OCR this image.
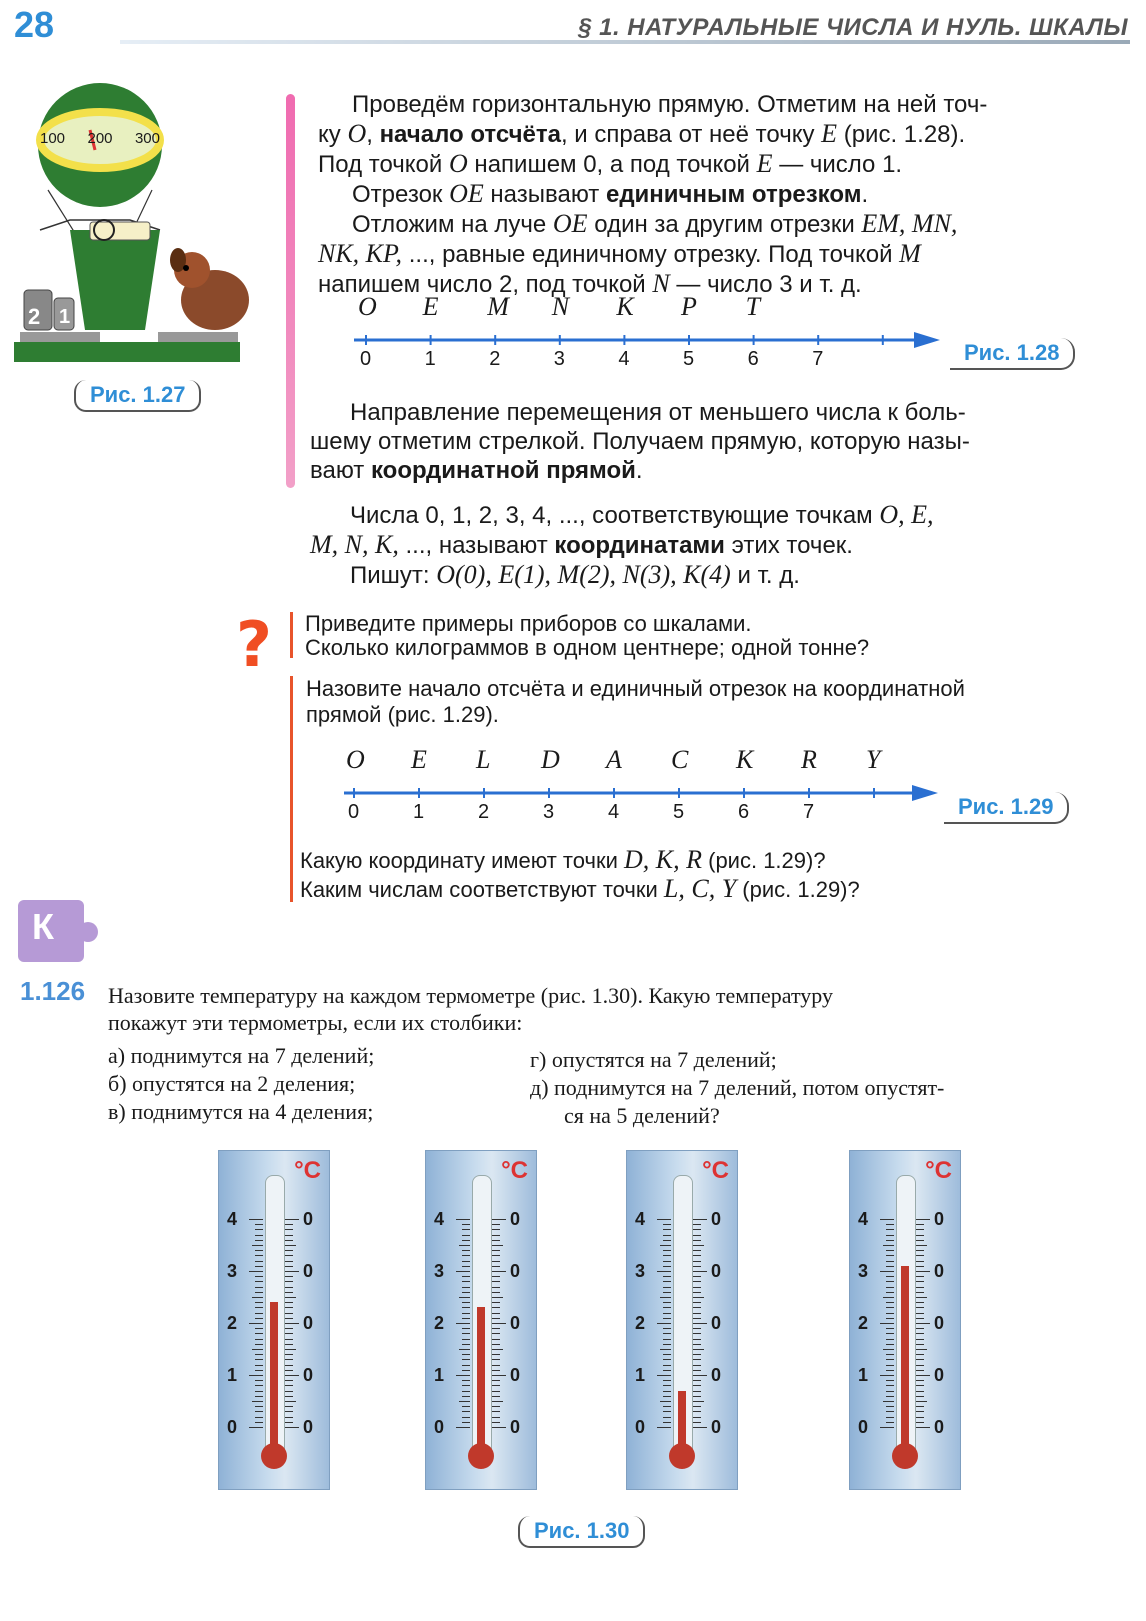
28	§ 1. НАТУРАЛЬНЫЕ ЧИСЛА И НУЛЬ. ШКАЛЫ
100 200 300
2 1
Рис. 1.27
Проведём горизонтальную прямую. Отметим на ней точ-
ку O, начало отсчёта, и справа от неё точку E (рис. 1.28).
Под точкой O напишем 0, а под точкой E — число 1.
Отрезок OE называют единичным отрезком.
Отложим на луче OE один за другим отрезки EM, MN,
NK, KP, ..., равные единичному отрезку. Под точкой M
напишем число 2, под точкой N — число 3 и т. д.
O E M N K P T
0	1	2	3	4	5	6	7	Рис. 1.28
Направление перемещения от меньшего числа к боль-
шему отметим стрелкой. Получаем прямую, которую назы-
вают координатной прямой.
Числа 0, 1, 2, 3, 4, ..., соответствующие точкам O, E,
M, N, K, ..., называют координатами этих точек.
Пишут: O(0), E(1), M(2), N(3), K(4) и т. д.
? Приведите примеры приборов со шкалами.
Сколько килограммов в одном центнере; одной тонне?
Назовите начало отсчёта и единичный отрезок на координатной
прямой (рис. 1.29).
O E L D A C K R Y
0	1	2	3	4	5	6	7	Рис. 1.29
Какую координату имеют точки D, K, R (рис. 1.29)?
Каким числам соответствуют точки L, C, Y (рис. 1.29)?
К
1.126 Назовите температуру на каждом термометре (рис. 1.30). Какую температуру
покажут эти термометры, если их столбики:
а) поднимутся на 7 делений;
б) опустятся на 2 деления;
в) поднимутся на 4 деления;
г) опустятся на 7 делений;
д) поднимутся на 7 делений, потом опустят-
ся на 5 делений?
°C
4
3
2
1
0
0
0
0
0
0
°C
4
3
2
1
0
0
0
0
0
0
°C
4
3
2
1
0
0
0
0
0
0
°C
4
3
2
1
0
0
0
0
0
0
Рис. 1.30
